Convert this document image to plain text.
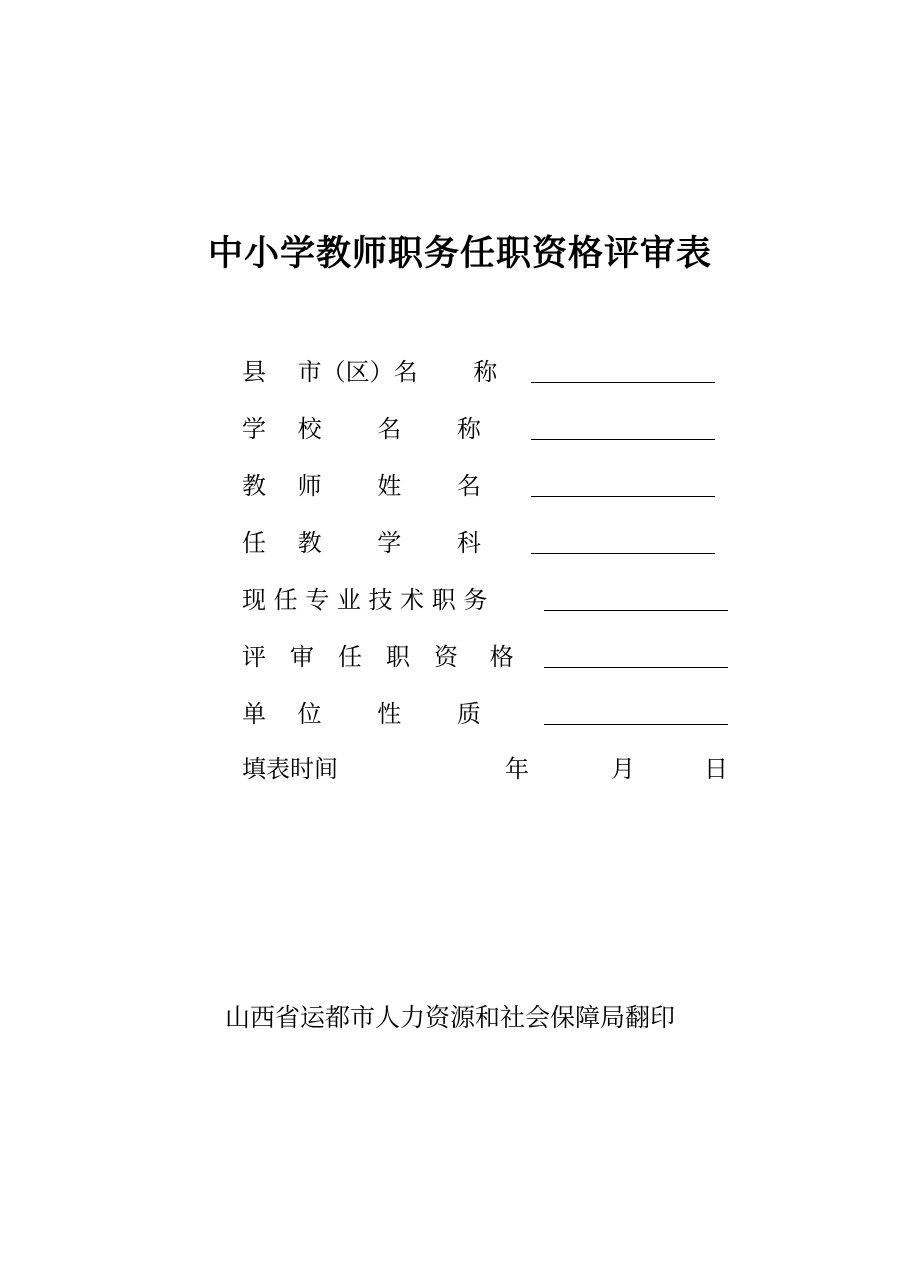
中小学教师职务任职资格评审表
县　 市（区）名　　 称
学　 校　　 名　　 称
教　 师　　 姓　　 名
任　 教　　 学　　 科
现 任 专 业 技 术 职 务
评　审　任　职　资　 格
单　 位　　 性　　 质
填表时间	年	月	日
山西省运都市人力资源和社会保障局翻印
